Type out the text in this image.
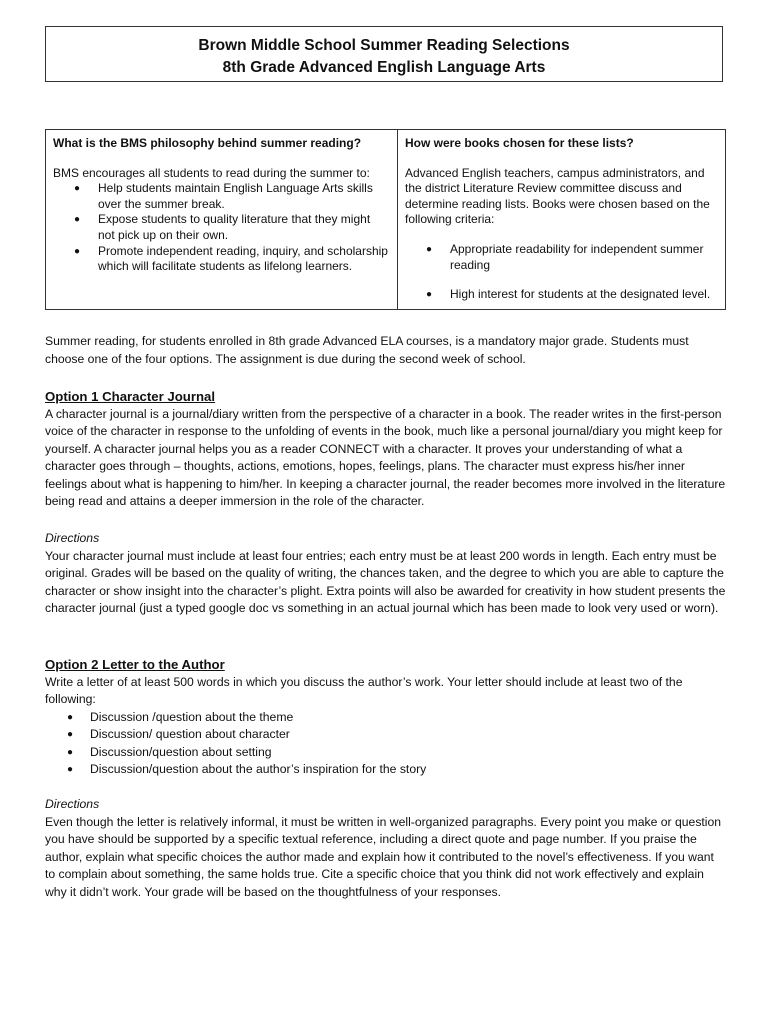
Brown Middle School Summer Reading Selections
8th Grade Advanced English Language Arts
What is the BMS philosophy behind summer reading?
BMS encourages all students to read during the summer to:
● Help students maintain English Language Arts skills over the summer break.
● Expose students to quality literature that they might not pick up on their own.
● Promote independent reading, inquiry, and scholarship which will facilitate students as lifelong learners.

How were books chosen for these lists?
Advanced English teachers, campus administrators, and the district Literature Review committee discuss and determine reading lists. Books were chosen based on the following criteria:
● Appropriate readability for independent summer reading
● High interest for students at the designated level.

Summer reading, for students enrolled in 8th grade Advanced ELA courses, is a mandatory major grade. Students must choose one of the four options. The assignment is due during the second week of school.

Option 1 Character Journal
A character journal is a journal/diary written from the perspective of a character in a book. The reader writes in the first-person voice of the character in response to the unfolding of events in the book, much like a personal journal/diary you might keep for yourself. A character journal helps you as a reader CONNECT with a character. It proves your understanding of what a character goes through – thoughts, actions, emotions, hopes, feelings, plans. The character must express his/her inner feelings about what is happening to him/her. In keeping a character journal, the reader becomes more involved in the literature being read and attains a deeper immersion in the role of the character.
Directions
Your character journal must include at least four entries; each entry must be at least 200 words in length. Each entry must be original. Grades will be based on the quality of writing, the chances taken, and the degree to which you are able to capture the character or show insight into the character’s plight. Extra points will also be awarded for creativity in how student presents the character journal (just a typed google doc vs something in an actual journal which has been made to look very used or worn).
Option 2 Letter to the Author
Write a letter of at least 500 words in which you discuss the author’s work. Your letter should include at least two of the following:
● Discussion /question about the theme
● Discussion/ question about character
● Discussion/question about setting
● Discussion/question about the author’s inspiration for the story
Directions
Even though the letter is relatively informal, it must be written in well-organized paragraphs. Every point you make or question you have should be supported by a specific textual reference, including a direct quote and page number. If you praise the author, explain what specific choices the author made and explain how it contributed to the novel’s effectiveness. If you want to complain about something, the same holds true. Cite a specific choice that you think did not work effectively and explain why it didn’t work. Your grade will be based on the thoughtfulness of your responses.
